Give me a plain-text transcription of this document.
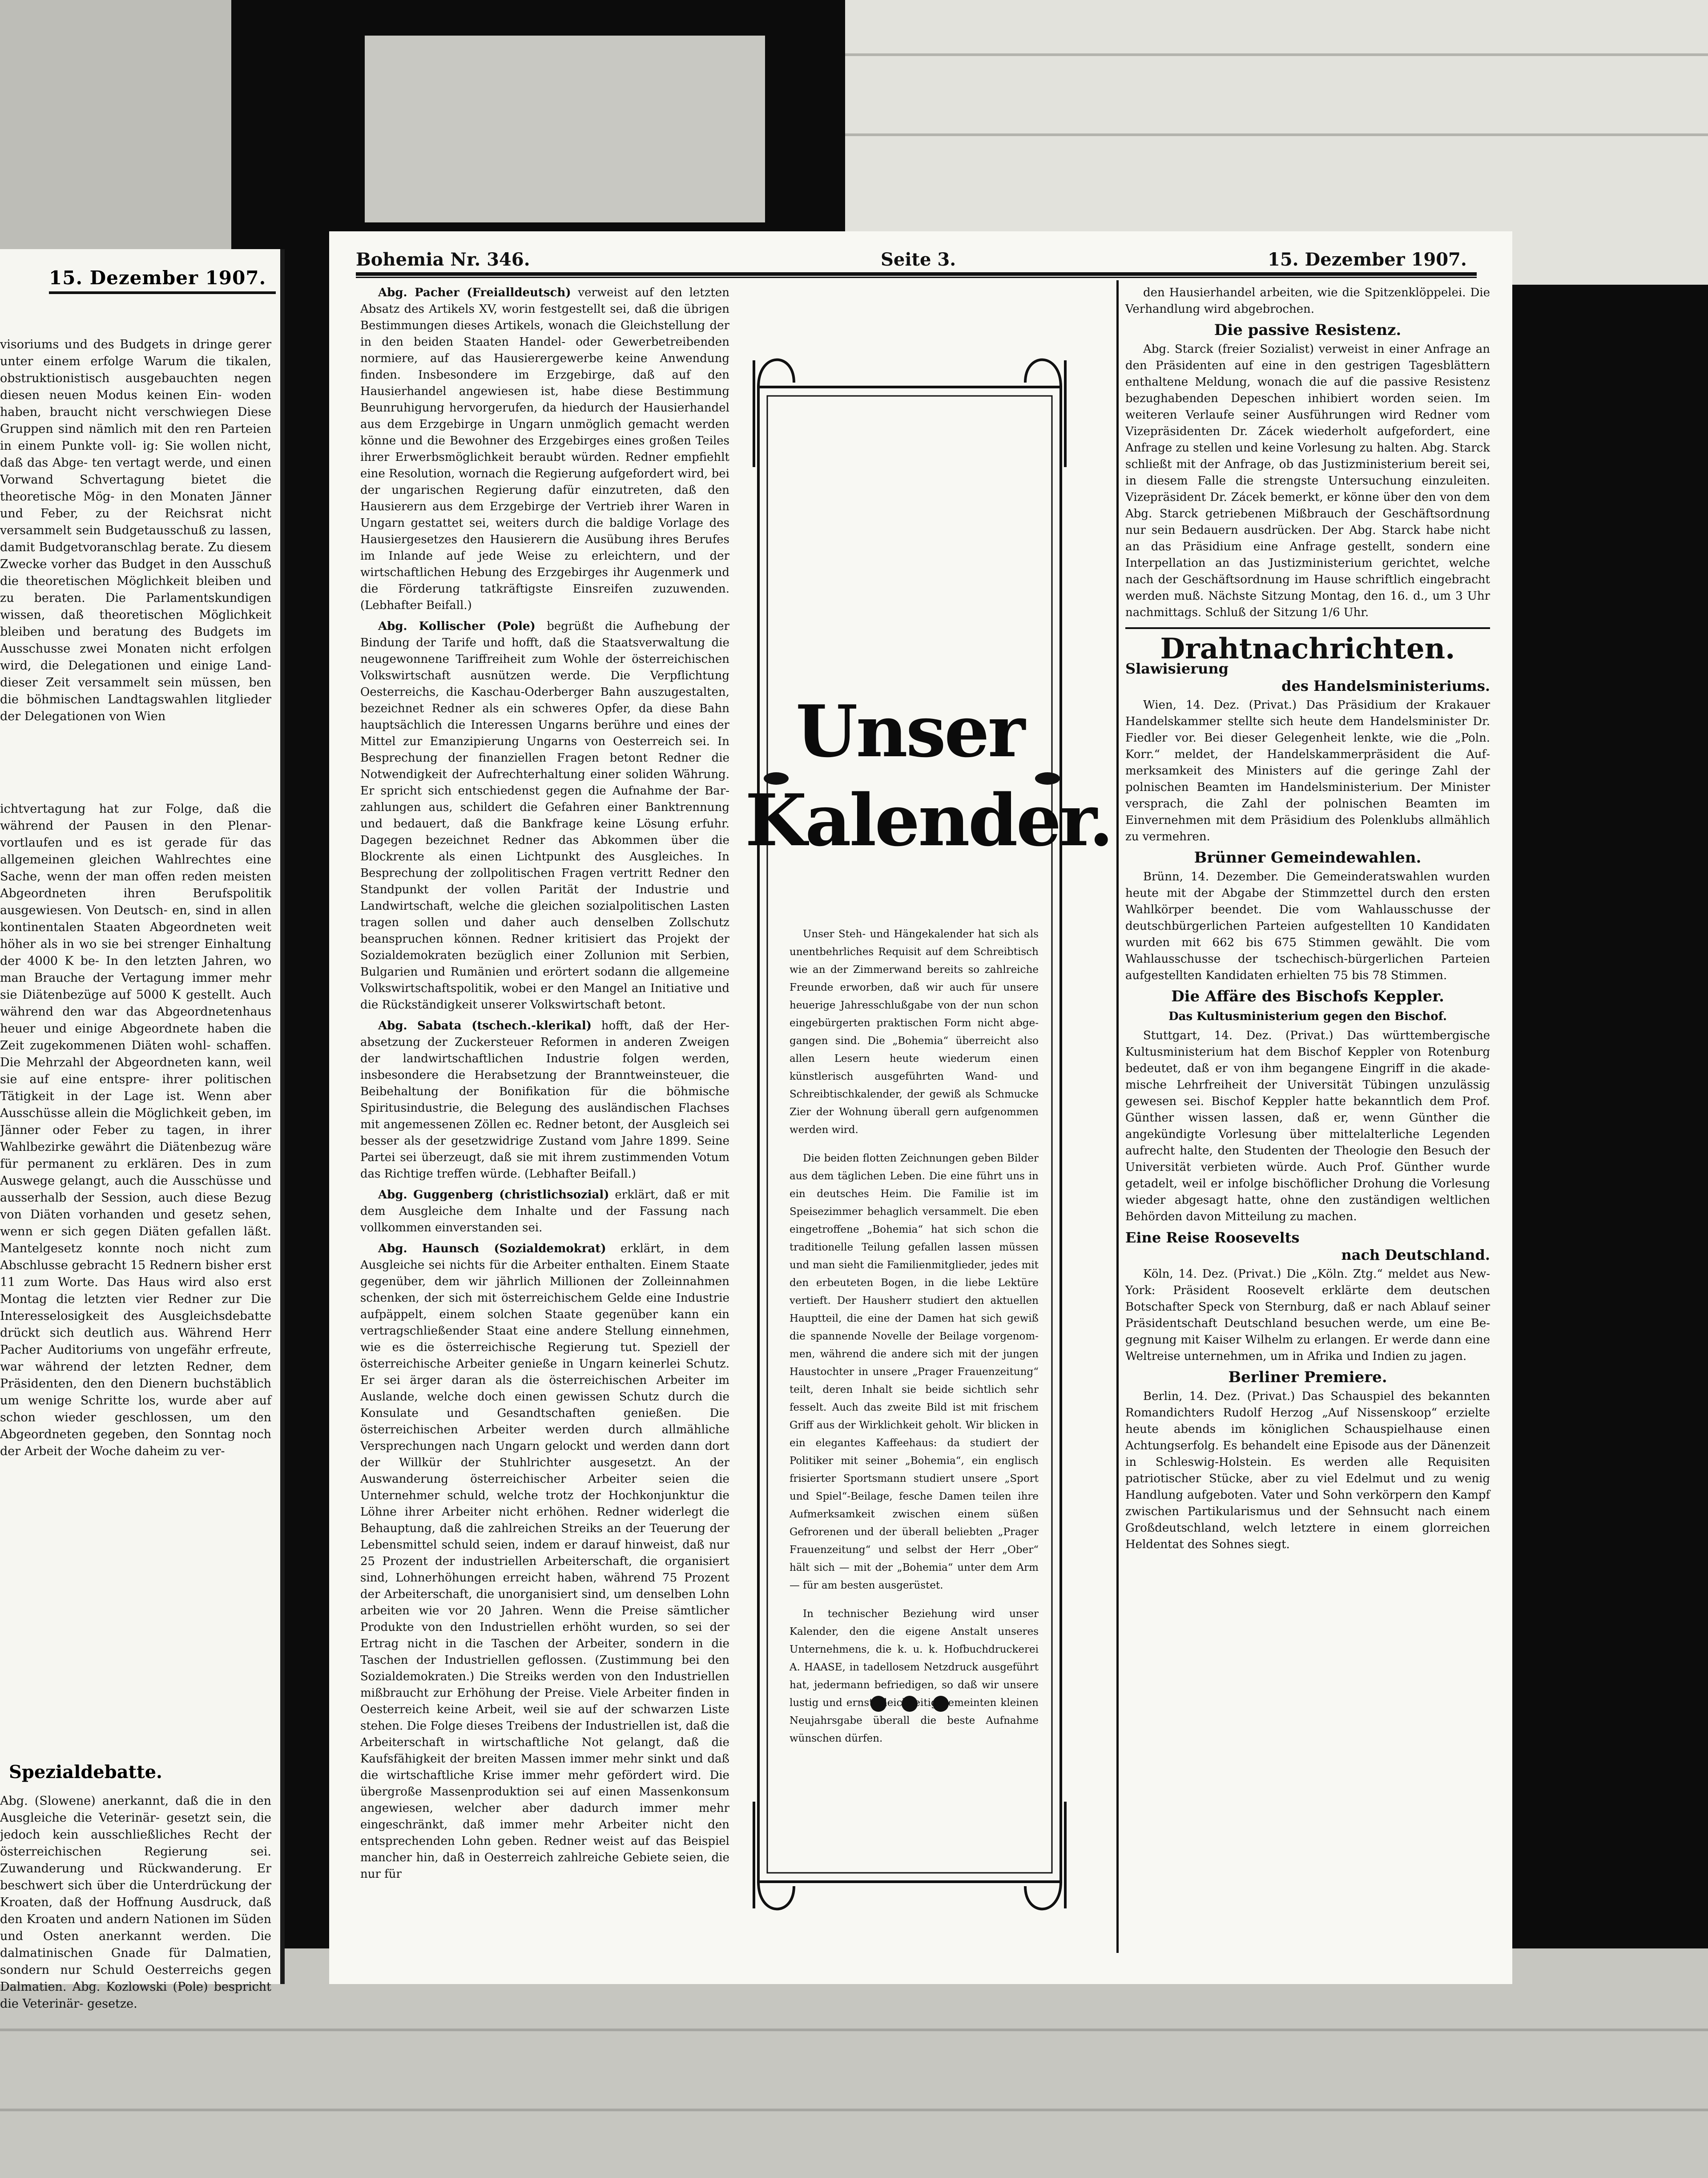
15. Dezember 1907.

visoriums und des Budgets in dringe gerer unter einem erfolge Warum die tikalen, obstruktionistisch ausgebauchten negen diesen neuen Modus keinen Ein- woden haben, braucht nicht verschwiegen Diese Gruppen sind nämlich mit den ren Parteien in einem Punkte voll- ig: Sie wollen nicht, daß das Abge- ten vertagt werde, und einen Vorwand Schvertagung bietet die theoretische Mög- in den Monaten Jänner und Feber, zu der Reichsrat nicht versammelt sein Budgetausschuß zu lassen, damit Budgetvoranschlag berate. Zu diesem Zwecke vorher das Budget in den Ausschuß die theoretischen Möglichkeit bleiben und zu beraten. Die Parlamentskundigen wissen, daß theoretischen Möglichkeit bleiben und beratung des Budgets im Ausschusse zwei Monaten nicht erfolgen wird, die Delegationen und einige Land- dieser Zeit versammelt sein müssen, ben die böhmischen Landtagswahlen litglieder der Delegationen von Wien

ichtvertagung hat zur Folge, daß die während der Pausen in den Plenar- vortlaufen und es ist gerade für das allgemeinen gleichen Wahlrechtes eine Sache, wenn der man offen reden meisten Abgeordneten ihren Berufspolitik ausgewiesen. Von Deutsch- en, sind in allen kontinentalen Staaten Abgeordneten weit höher als in wo sie bei strenger Einhaltung der 4000 K be- In den letzten Jahren, wo man Brauche der Vertagung immer mehr sie Diätenbezüge auf 5000 K gestellt. Auch während den war das Abgeordnetenhaus heuer und einige Abgeordnete haben die Zeit zugekommenen Diäten wohl- schaffen. Die Mehrzahl der Abgeordneten kann, weil sie auf eine entspre- ihrer politischen Tätigkeit in der Lage ist. Wenn aber Ausschüsse allein die Möglichkeit geben, im Jänner oder Feber zu tagen, in ihrer Wahlbezirke gewährt die Diätenbezug wäre für permanent zu erklären. Des in zum Auswege gelangt, auch die Ausschüsse und ausserhalb der Session, auch diese Bezug von Diäten vorhanden und gesetz sehen, wenn er sich gegen Diäten gefallen läßt. Mantelgesetz konnte noch nicht zum Abschlusse gebracht 15 Rednern bisher erst 11 zum Worte. Das Haus wird also erst Montag die letzten vier Redner zur Die Interesselosigkeit des Ausgleichsdebatte drückt sich deutlich aus. Während Herr Pacher Auditoriums von ungefähr erfreute, war während der letzten Redner, dem Präsidenten, den den Dienern buchstäblich um wenige Schritte los, wurde aber auf schon wieder geschlossen, um den Abgeordneten gegeben, den Sonntag noch der Arbeit der Woche daheim zu ver-

Spezialdebatte.
Abg. (Slowene) anerkannt, daß die in den Ausgleiche die Veterinär- gesetzt sein, die jedoch kein ausschließliches Recht der österreichischen Regierung sei. Zuwanderung und Rückwanderung. Er beschwert sich über die Unterdrückung der Kroaten, daß der Hoffnung Ausdruck, daß den Kroaten und andern Nationen im Süden und Osten anerkannt werden. Die dalmatinischen Gnade für Dalmatien, sondern nur Schuld Oesterreichs gegen Dalmatien. Abg. Kozlowski (Pole) bespricht die Veterinär- gesetze.
Bohemia Nr. 346.	Seite 3.	15. Dezember 1907.

Abg. Pacher (Freialldeutsch) verweist auf den letzten Absatz des Artikels XV, worin festgestellt sei, daß die übrigen Bestimmungen dieses Artikels, wonach die Gleichstellung der in den beiden Staaten Handel- oder Gewerbetreibenden normiere, auf das Hausierergewerbe keine Anwendung finden. Insbesondere im Erzgebirge, daß auf den Hausierhandel angewiesen ist, habe diese Bestimmung Beunruhigung hervorgerufen, da hiedurch der Hausierhandel aus dem Erzgebirge in Ungarn unmöglich gemacht werden könne und die Bewohner des Erzgebirges eines großen Teiles ihrer Erwerbsmöglichkeit beraubt würden. Redner empfiehlt eine Resolution, wornach die Regierung aufgefordert wird, bei der ungarischen Regierung dafür einzutreten, daß den Hausierern aus dem Erzgebirge der Vertrieb ihrer Waren in Ungarn gestattet sei, weiters durch die baldige Vorlage des Hausiergesetzes den Hausierern die Ausübung ihres Berufes im Inlande auf jede Weise zu erleichtern, und der wirtschaftlichen Hebung des Erzgebirges ihr Augenmerk und die Förderung tatkräftigste Einsreifen zuzuwenden. (Lebhafter Beifall.)

Abg. Kollischer (Pole) begrüßt die Aufhebung der Bindung der Tarife und hofft, daß die Staatsverwaltung die neugewonnene Tariffreiheit zum Wohle der österreichischen Volkswirtschaft ausnützen werde. Die Verpflichtung Oesterreichs, die Kaschau-Oderberger Bahn auszugestalten, bezeichnet Redner als ein schweres Opfer, da diese Bahn hauptsächlich die Interessen Ungarns berühre und eines der Mittel zur Emanzipierung Ungarns von Oesterreich sei. In Besprechung der finanziellen Fragen betont Redner die Notwendigkeit der Aufrechterhaltung einer soliden Währung. Er spricht sich entschiedenst gegen die Aufnahme der Barzahlungen aus, schildert die Gefahren einer Banktrennung und bedauert, daß die Bankfrage keine Lösung erfuhr. Dagegen bezeichnet Redner das Abkommen über die Blockrente als einen Lichtpunkt des Ausgleiches. In Besprechung der zollpolitischen Fragen vertritt Redner den Standpunkt der vollen Parität der Industrie und Landwirtschaft, welche die gleichen sozialpolitischen Lasten tragen sollen und daher auch denselben Zollschutz beanspruchen können. Redner kritisiert das Projekt der Sozialdemokraten bezüglich einer Zollunion mit Serbien, Bulgarien und Rumänien und erörtert sodann die allgemeine Volkswirtschaftspolitik, wobei er den Mangel an Initiative und die Rückständigkeit unserer Volkswirtschaft betont.

Abg. Sabata (tschech.-klerikal) hofft, daß der Herabsetzung der Zuckersteuer Reformen in anderen Zweigen der landwirtschaftlichen Industrie folgen werden, insbesondere die Herabsetzung der Branntweinsteuer, die Beibehaltung der Bonifikation für die böhmische Spiritusindustrie, die Belegung des ausländischen Flachses mit angemessenen Zöllen ec. Redner betont, der Ausgleich sei besser als der gesetzwidrige Zustand vom Jahre 1899. Seine Partei sei überzeugt, daß sie mit ihrem zustimmenden Votum das Richtige treffen würde. (Lebhafter Beifall.)

Abg. Guggenberg (christlichsozial) erklärt, daß er mit dem Ausgleiche dem Inhalte und der Fassung nach vollkommen einverstanden sei.

Abg. Haunsch (Sozialdemokrat) erklärt, in dem Ausgleiche sei nichts für die Arbeiter enthalten. Einem Staate gegenüber, dem wir jährlich Millionen der Zolleinnahmen schenken, der sich mit österreichischem Gelde eine Industrie aufpäppelt, einem solchen Staate gegenüber kann ein vertragschließender Staat eine andere Stellung einnehmen, wie es die österreichische Regierung tut. Speziell der österreichische Arbeiter genieße in Ungarn keinerlei Schutz. Er sei ärger daran als die österreichischen Arbeiter im Auslande, welche doch einen gewissen Schutz durch die Konsulate und Gesandtschaften genießen. Die österreichischen Arbeiter werden durch allmähliche Versprechungen nach Ungarn gelockt und werden dann dort der Willkür der Stuhlrichter ausgesetzt. An der Auswanderung österreichischer Arbeiter seien die Unternehmer schuld, welche trotz der Hochkonjunktur die Löhne ihrer Arbeiter nicht erhöhen. Redner widerlegt die Behauptung, daß die zahlreichen Streiks an der Teuerung der Lebensmittel schuld seien, indem er darauf hinweist, daß nur 25 Prozent der industriellen Arbeiterschaft, die organisiert sind, Lohnerhöhungen erreicht haben, während 75 Prozent der Arbeiterschaft, die unorganisiert sind, um denselben Lohn arbeiten wie vor 20 Jahren. Wenn die Preise sämtlicher Produkte von den Industriellen erhöht wurden, so sei der Ertrag nicht in die Taschen der Arbeiter, sondern in die Taschen der Industriellen geflossen. (Zustimmung bei den Sozialdemokraten.) Die Streiks werden von den Industriellen mißbraucht zur Erhöhung der Preise. Viele Arbeiter finden in Oesterreich keine Arbeit, weil sie auf der schwarzen Liste stehen. Die Folge dieses Treibens der Industriellen ist, daß die Arbeiterschaft in wirtschaftliche Not gelangt, daß die Kaufsfähigkeit der breiten Massen immer mehr sinkt und daß die wirtschaftliche Krise immer mehr gefördert wird. Die übergroße Massenproduktion sei auf einen Massenkonsum angewiesen, welcher aber dadurch immer mehr eingeschränkt, daß immer mehr Arbeiter nicht den entsprechenden Lohn geben. Redner weist auf das Beispiel mancher hin, daß in Oesterreich zahlreiche Gebiete seien, die nur für

Unser
Kalender.

Unser Steh- und Hängekalender hat sich als unentbehrliches Requisit auf dem Schreibtisch wie an der Zimmerwand bereits so zahlreiche Freunde erworben, daß wir auch für unsere heuerige Jahresschlußgabe von der nun schon eingebürgerten praktischen Form nicht abgegangen sind. Die „Bohemia“ überreicht also allen Lesern heute wiederum einen künstlerisch ausgeführten Wand- und Schreibtischkalender, der gewiß als Schmucke Zier der Wohnung überall gern aufgenommen werden wird.

Die beiden flotten Zeichnungen geben Bilder aus dem täglichen Leben. Die eine führt uns in ein deutsches Heim. Die Familie ist im Speisezimmer behaglich versammelt. Die eben eingetroffene „Bohemia“ hat sich schon die traditionelle Teilung gefallen lassen müssen und man sieht die Familienmitglieder, jedes mit den erbeuteten Bogen, in die liebe Lektüre vertieft. Der Hausherr studiert den aktuellen Hauptteil, die eine der Damen hat sich gewiß die spannende Novelle der Beilage vorgenommen, während die andere sich mit der jungen Haustochter in unsere „Prager Frauenzeitung“ teilt, deren Inhalt sie beide sichtlich sehr fesselt. Auch das zweite Bild ist mit frischem Griff aus der Wirklichkeit geholt. Wir blicken in ein elegantes Kaffeehaus: da studiert der Politiker mit seiner „Bohemia“, ein englisch frisierter Sportsmann studiert unsere „Sport und Spiel“-Beilage, fesche Damen teilen ihre Aufmerksamkeit zwischen einem süßen Gefrorenen und der überall beliebten „Prager Frauenzeitung“ und selbst der Herr „Ober“ hält sich — mit der „Bohemia“ unter dem Arm — für am besten ausgerüstet.

In technischer Beziehung wird unser Kalender, den die eigene Anstalt unseres Unternehmens, die k. u. k. Hofbuchdruckerei A. HAASE, in tadellosem Netzdruck ausgeführt hat, jedermann befriedigen, so daß wir unsere lustig und ernst gleichzeitig gemeinten kleinen Neujahrsgabe überall die beste Aufnahme wünschen dürfen.

den Hausierhandel arbeiten, wie die Spitzenklöppelei. Die Verhandlung wird abgebrochen.

Die passive Resistenz.

Abg. Starck (freier Sozialist) verweist in einer Anfrage an den Präsidenten auf eine in den gestrigen Tagesblättern enthaltene Meldung, wonach die auf die passive Resistenz bezughabenden Depeschen inhibiert worden seien. Im weiteren Verlaufe seiner Ausführungen wird Redner vom Vizepräsidenten Dr. Zácek wiederholt aufgefordert, eine Anfrage zu stellen und keine Vorlesung zu halten. Abg. Starck schließt mit der Anfrage, ob das Justizministerium bereit sei, in diesem Falle die strengste Untersuchung einzuleiten. Vizepräsident Dr. Zácek bemerkt, er könne über den von dem Abg. Starck getriebenen Mißbrauch der Geschäftsordnung nur sein Bedauern ausdrücken. Der Abg. Starck habe nicht an das Präsidium eine Anfrage gestellt, sondern eine Interpellation an das Justizministerium gerichtet, welche nach der Geschäftsordnung im Hause schriftlich eingebracht werden muß. Nächste Sitzung Montag, den 16. d., um 3 Uhr nachmittags. Schluß der Sitzung 1/6 Uhr.

Drahtnachrichten.
Slawisierung
des Handelsministeriums.

Wien, 14. Dez. (Privat.) Das Präsidium der Krakauer Handelskammer stellte sich heute dem Handelsminister Dr. Fiedler vor. Bei dieser Gelegenheit lenkte, wie die „Poln. Korr.“ meldet, der Handelskammerpräsident die Aufmerksamkeit des Ministers auf die geringe Zahl der polnischen Beamten im Handelsministerium. Der Minister versprach, die Zahl der polnischen Beamten im Einvernehmen mit dem Präsidium des Polenklubs allmählich zu vermehren.

Brünner Gemeindewahlen.

Brünn, 14. Dezember. Die Gemeinderatswahlen wurden heute mit der Abgabe der Stimmzettel durch den ersten Wahlkörper beendet. Die vom Wahlausschusse der deutschbürgerlichen Parteien aufgestellten 10 Kandidaten wurden mit 662 bis 675 Stimmen gewählt. Die vom Wahlausschusse der tschechisch-bürgerlichen Parteien aufgestellten Kandidaten erhielten 75 bis 78 Stimmen.

Die Affäre des Bischofs Keppler.
Das Kultusministerium gegen den Bischof.

Stuttgart, 14. Dez. (Privat.) Das württembergische Kultusministerium hat dem Bischof Keppler von Rotenburg bedeutet, daß er von ihm begangene Eingriff in die akademische Lehrfreiheit der Universität Tübingen unzulässig gewesen sei. Bischof Keppler hatte bekanntlich dem Prof. Günther wissen lassen, daß er, wenn Günther die angekündigte Vorlesung über mittelalterliche Legenden aufrecht halte, den Studenten der Theologie den Besuch der Universität verbieten würde. Auch Prof. Günther wurde getadelt, weil er infolge bischöflicher Drohung die Vorlesung wieder abgesagt hatte, ohne den zuständigen weltlichen Behörden davon Mitteilung zu machen.

Eine Reise Roosevelts
nach Deutschland.

Köln, 14. Dez. (Privat.) Die „Köln. Ztg.“ meldet aus New-York: Präsident Roosevelt erklärte dem deutschen Botschafter Speck von Sternburg, daß er nach Ablauf seiner Präsidentschaft Deutschland besuchen werde, um eine Begegnung mit Kaiser Wilhelm zu erlangen. Er werde dann eine Weltreise unternehmen, um in Afrika und Indien zu jagen.

Berliner Premiere.

Berlin, 14. Dez. (Privat.) Das Schauspiel des bekannten Romandichters Rudolf Herzog „Auf Nissenskoop“ erzielte heute abends im königlichen Schauspielhause einen Achtungserfolg. Es behandelt eine Episode aus der Dänenzeit in Schleswig-Holstein. Es werden alle Requisiten patriotischer Stücke, aber zu viel Edelmut und zu wenig Handlung aufgeboten. Vater und Sohn verkörpern den Kampf zwischen Partikularismus und der Sehnsucht nach einem Großdeutschland, welch letztere in einem glorreichen Heldentat des Sohnes siegt.
